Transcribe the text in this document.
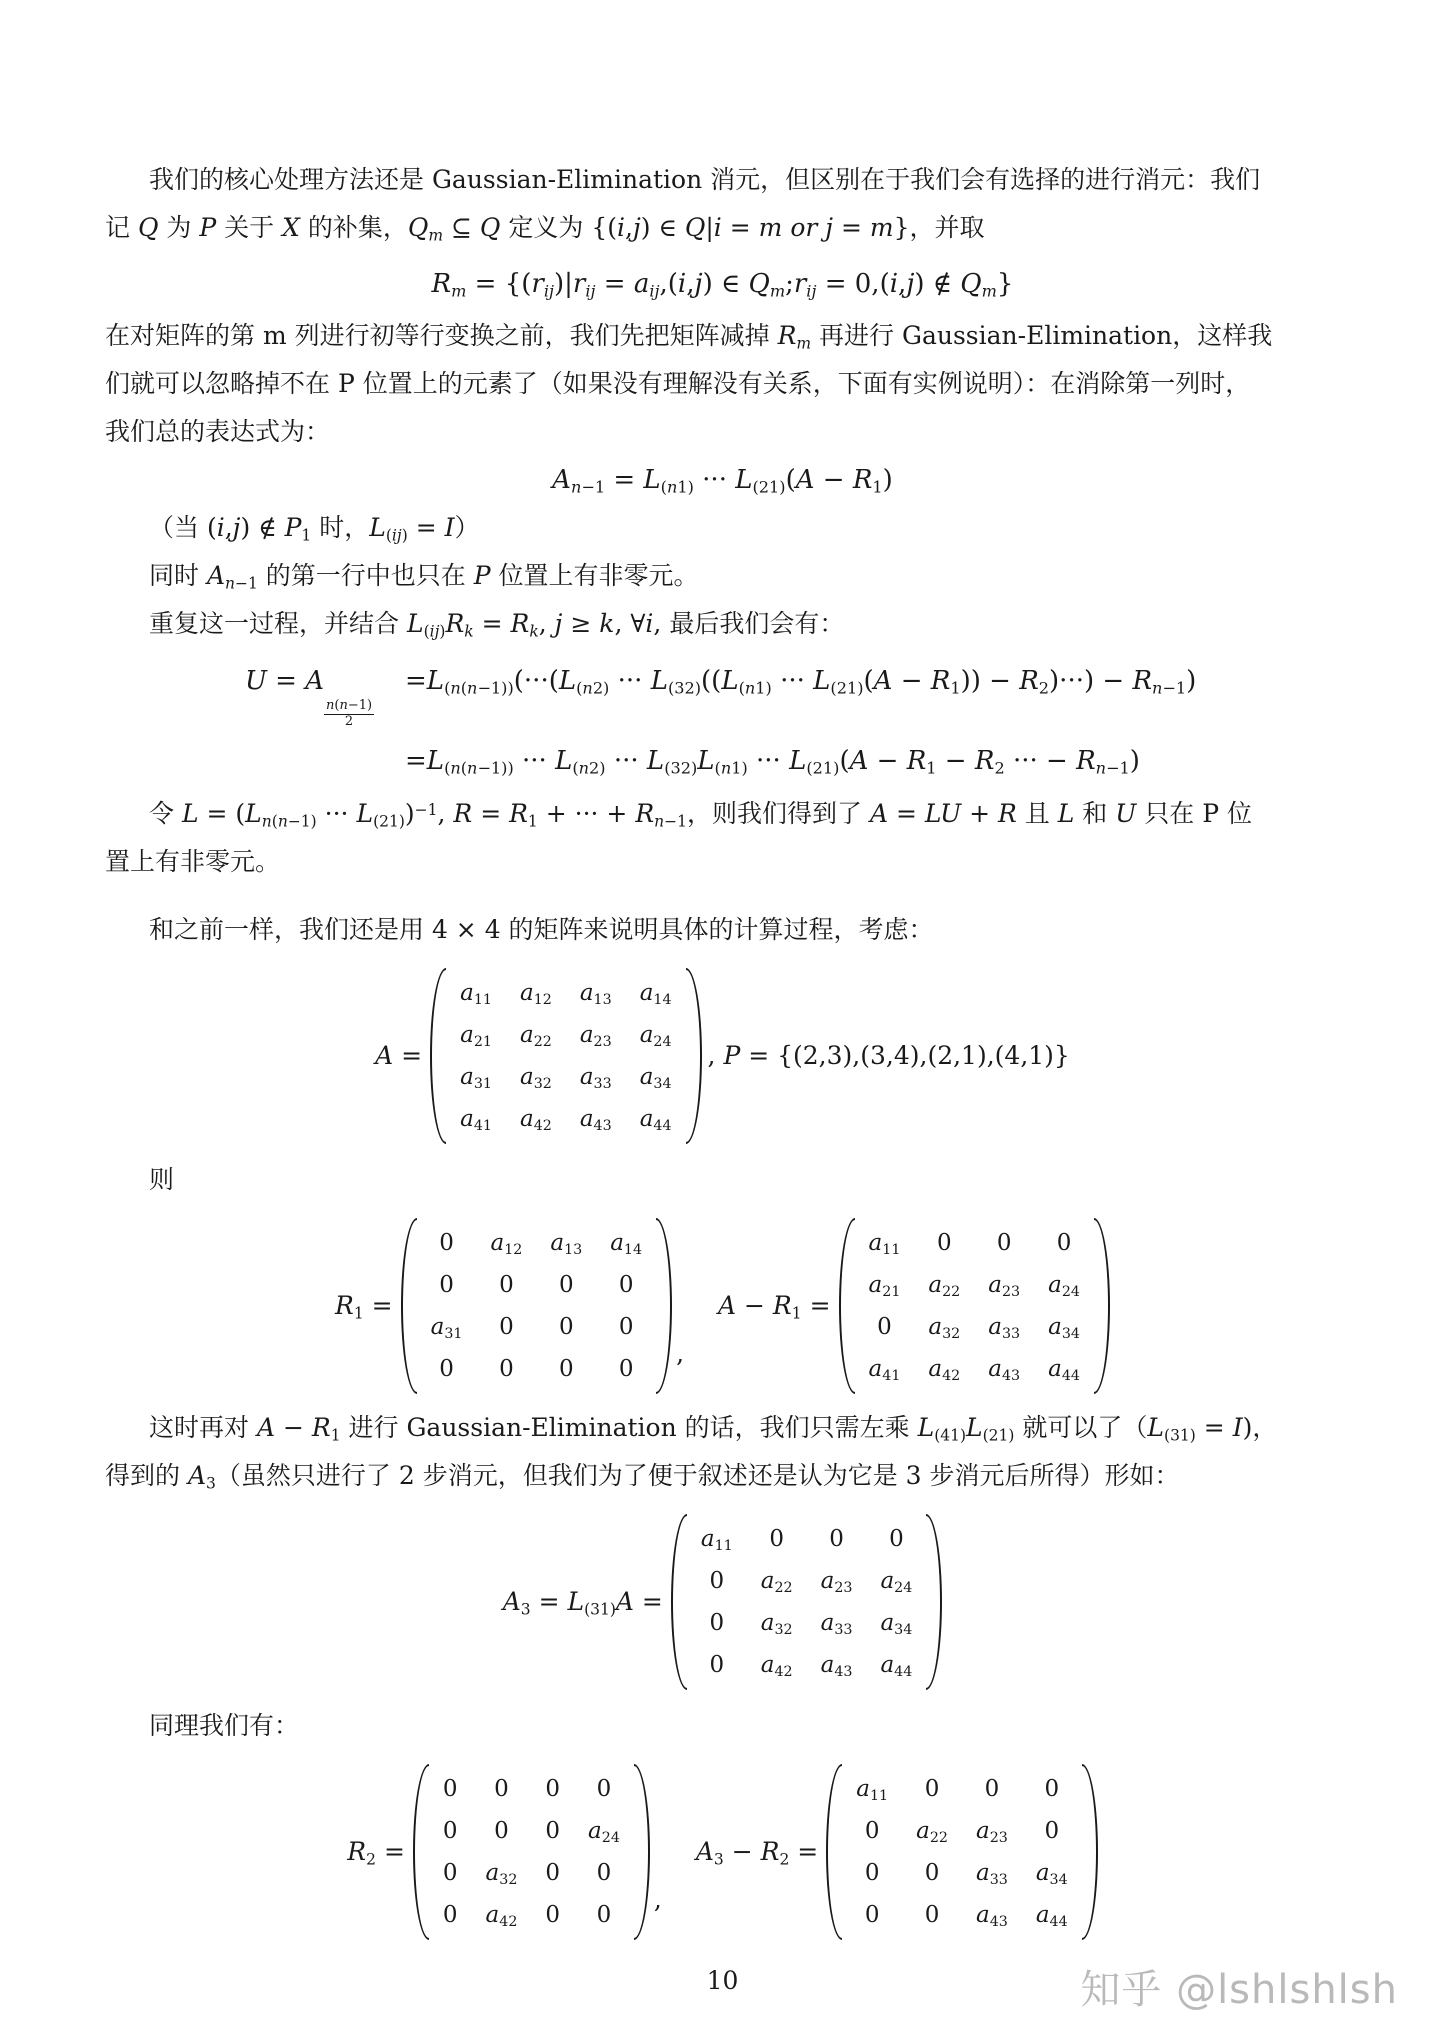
我们的核心处理方法还是 Gaussian-Elimination 消元，但区别在于我们会有选择的进行消元：我们
记 Q 为 P 关于 X 的补集，$Q_m$ ⊆ Q 定义为 {(i,j) ∈ Q|i = m or j = m}，并取
$R_m = \{(r_{ij})|r_{ij} = a_{ij},(i,j)$ ∈ $Q_m;r_{ij} = 0,(i,j)$ ∉ $Q_m$}
在对矩阵的第 m 列进行初等行变换之前，我们先把矩阵减掉 $R_m$ 再进行 Gaussian-Elimination，这样我
们就可以忽略掉不在 P 位置上的元素了（如果没有理解没有关系，下面有实例说明）：在消除第一列时，
我们总的表达式为：
$A_{n-1} = L_{(n1)}$ ··· $L_{(21)}(A - R_1)$
（当 (i,j) ∉ $P_1$ 时，$L_{(ij)} = I$）
同时 $A_{n-1}$ 的第一行中也只在 P 位置上有非零元。
重复这一过程，并结合 $L_{(ij)}R_k = R_k$, j ≥ k, ∀i, 最后我们会有：
U = A
$\frac{n(n-1)}{2}$
$=L_{(n(n-1))}(\cdot\cdot\cdot(L_{(n2)}$ ··· $L_{(32)}((L_{(n1)}$ ··· $L_{(21)}(A - R_1)) - R_2)\cdot\cdot\cdot) - R_{n-1}$)
$=L_{(n(n-1))}$ ··· $L_{(n2)}$ ··· $L_{(32)}L_{(n1)}$ ··· $L_{(21)}(A - R_1 - R_2$ ··· − $R_{n-1}$)
令 $L = (L_{n(n-1)}$ ··· $L_{(21)})^{-1}$, $R = R_1$ + ··· + $R_{n-1}$，则我们得到了 A = LU + R 且 L 和 U 只在 P 位
置上有非零元。
和之前一样，我们还是用 4 × 4 的矩阵来说明具体的计算过程，考虑：
A =
$a_{11}$ $a_{12}$ $a_{13}$ $a_{14}$
$a_{21}$ $a_{22}$ $a_{23}$ $a_{24}$
$a_{31}$ $a_{32}$ $a_{33}$ $a_{34}$
$a_{41}$ $a_{42}$ $a_{43}$ $a_{44}$
, P = {(2,3),(3,4),(2,1),(4,1)}
则
$R_1$ =
0 $a_{12}$ $a_{13}$ $a_{14}$
0 0 0 0
$a_{31}$ 0 0 0
0 0 0 0
,
$A - R_1$ =
$a_{11}$ 0 0 0
$a_{21}$ $a_{22}$ $a_{23}$ $a_{24}$
0 $a_{32}$ $a_{33}$ $a_{34}$
$a_{41}$ $a_{42}$ $a_{43}$ $a_{44}$
这时再对 $A - R_1$ 进行 Gaussian-Elimination 的话，我们只需左乘 $L_{(41)}L_{(21)}$ 就可以了$(L_{(31)} = I)$，
得到的 $A_3$（虽然只进行了 2 步消元，但我们为了便于叙述还是认为它是 3 步消元后所得）形如：
$A_3 = L_{(31)}A$ =
$a_{11}$ 0 0 0
0 $a_{22}$ $a_{23}$ $a_{24}$
0 $a_{32}$ $a_{33}$ $a_{34}$
0 $a_{42}$ $a_{43}$ $a_{44}$
同理我们有：
$R_2$ =
0 0 0 0
0 0 0 $a_{24}$
0 $a_{32}$ 0 0
0 $a_{42}$ 0 0
,
$A_3 - R_2$ =
$a_{11}$ 0 0 0
0 $a_{22}$ $a_{23}$ 0
0 0 $a_{33}$ $a_{34}$
0 0 $a_{43}$ $a_{44}$
10	知乎 @lshlshlsh
